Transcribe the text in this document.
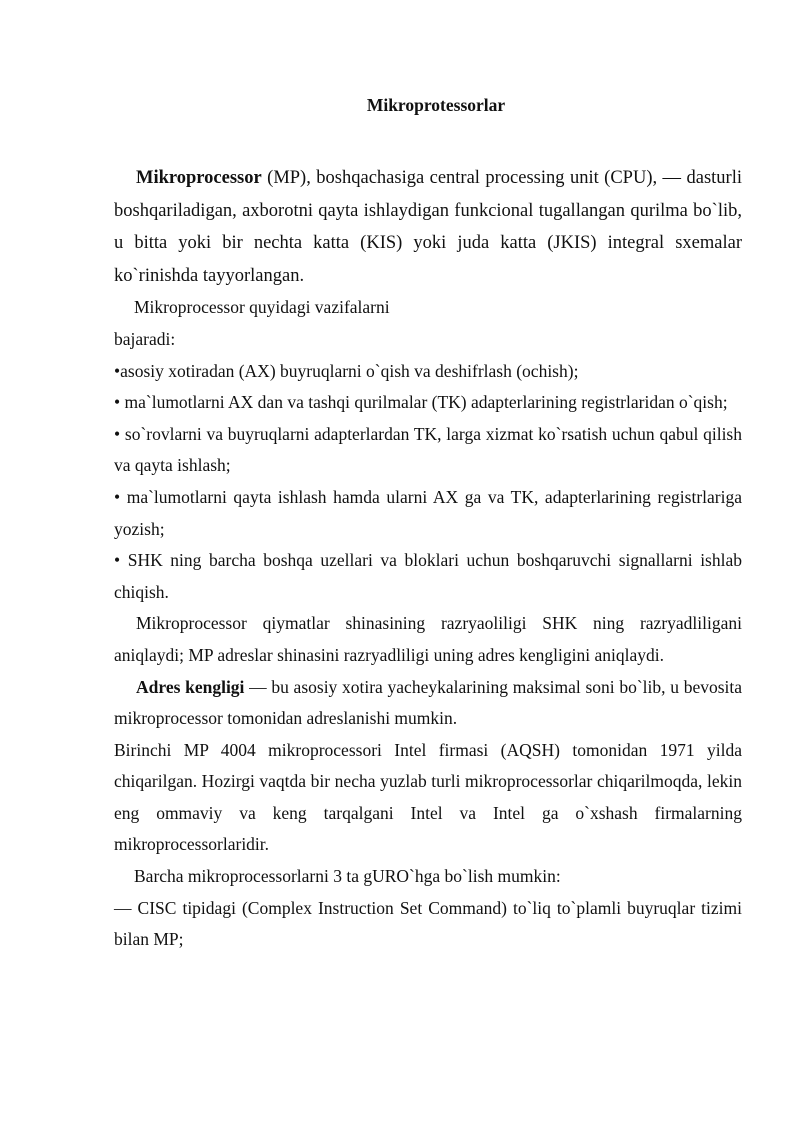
Mikroprotessorlar

Mikroprocessor (MP), boshqachasiga central processing unit (CPU), — dasturli boshqariladigan, axborotni qayta ishlaydigan funkcional tugallangan qurilma bo`lib, u bitta yoki bir nechta katta (KIS) yoki juda katta (JKIS) integral sxemalar ko`rinishda tayyorlangan.

Mikroprocessor quyidagi vazifalarni

bajaradi:

•asosiy xotiradan (AX) buyruqlarni o`qish va deshifrlash (ochish);

• ma`lumotlarni AX dan va tashqi qurilmalar (TK) adapterlarining registrlaridan o`qish;

• so`rovlarni va buyruqlarni adapterlardan TK, larga xizmat ko`rsatish uchun qabul qilish va qayta ishlash;

• ma`lumotlarni qayta ishlash hamda ularni AX ga va TK, adapterlarining registrlariga yozish;

• SHK ning barcha boshqa uzellari va bloklari uchun boshqaruvchi signallarni ishlab chiqish.

Mikroprocessor qiymatlar shinasining razryaoliligi SHK ning razryadliligani aniqlaydi; MP adreslar shinasini razryadliligi uning adres kengligini aniqlaydi.

Adres kengligi — bu asosiy xotira yacheykalarining maksimal soni bo`lib, u bevosita mikroprocessor tomonidan adreslanishi mumkin.

Birinchi MP 4004 mikroprocessori Intel firmasi (AQSH) tomonidan 1971 yilda chiqarilgan. Hozirgi vaqtda bir necha yuzlab turli mikroprocessorlar chiqarilmoqda, lekin eng ommaviy va keng tarqalgani Intel va Intel ga o`xshash firmalarning mikroprocessorlaridir.

Barcha mikroprocessorlarni 3 ta gURO`hga bo`lish mumkin:

— CISC tipidagi (Complex Instruction Set Command) to`liq to`plamli buyruqlar tizimi bilan MP;
